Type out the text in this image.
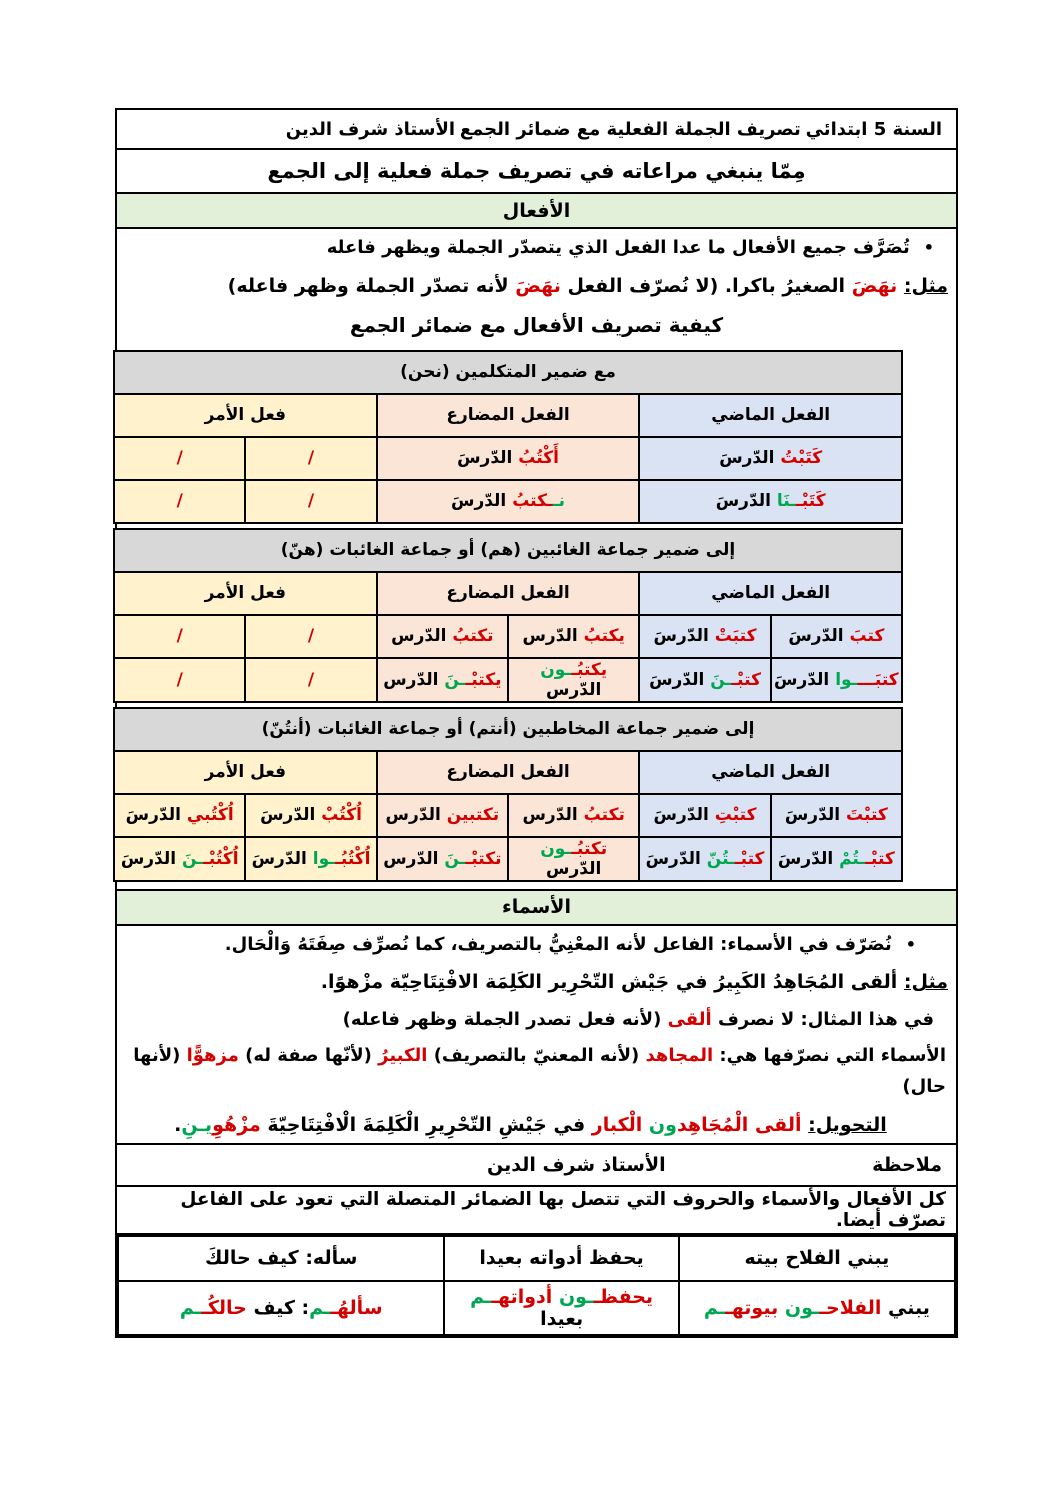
السنة 5 ابتدائي
تصريف الجملة الفعلية مع ضمائر الجمع
الأستاذ شرف الدين
مِمّا ينبغي مراعاته في تصريف جملة فعلية إلى الجمع
الأفعال
•تُصَرَّف جميع الأفعال ما عدا الفعل الذي يتصدّر الجملة ويظهر فاعله
مثل: نهَضَ الصغيرُ باكرا. (لا نُصرّف الفعل نهَضَ لأنه تصدّر الجملة وظهر فاعله)
كيفية تصريف الأفعال مع ضمائر الجمع
مع ضمير المتكلمين (نحن)			
الفعل الماضي	الفعل المضارع	فعل الأمر	
كَتَبْتُ الدّرسَ	أَكْتُبُ الدّرسَ	/	/
كَتَبْــنَا الدّرسَ	نــكتبُ الدّرسَ	/	/
إلى ضمير جماعة الغائبين (هم) أو جماعة الغائبات (هنّ)					
الفعل الماضي		الفعل المضارع		فعل الأمر	
كتبَ الدّرسَ	كتبَتْ الدّرسَ	يكتبُ الدّرس	تكتبُ الدّرس	/	/
كتبَــــوا الدّرسَ	كتبْــنَ الدّرسَ	يكتبُــون الدّرس	يكتبْــنَ الدّرس	/	/
إلى ضمير جماعة المخاطبين (أنتم) أو جماعة الغائبات (أنتُنّ)					
الفعل الماضي		الفعل المضارع		فعل الأمر	
كتبْتَ الدّرسَ	كتبْتِ الدّرسَ	تكتبُ الدّرس	تكتبين الدّرس	اُكْتُبْ الدّرسَ	اُكْتُبي الدّرسَ
كتبْــتُمْ الدّرسَ	كتبْــتُنّ الدّرسَ	تكتبُــون الدّرس	تكتبْــنَ الدّرس	اُكْتُبُــوا الدّرسَ	اُكْتُبْــنَ الدّرسَ
الأسماء
•نُصَرّف في الأسماء: الفاعل لأنه المعْنِيُّ بالتصريف، كما نُصرِّف صِفَتَهُ وَالْحَال.
مثل: ألقى المُجَاهِدُ الكَبِيرُ في جَيْش التّحْرِير الكَلِمَة الافْتِتَاحِيّة مزْهوًا.
في هذا المثال: لا نصرف ألقى (لأنه فعل تصدر الجملة وظهر فاعله)
الأسماء التي نصرّفها هي: المجاهد (لأنه المعنيّ بالتصريف) الكبيرُ (لأنّها صفة له) مزهوًّا (لأنها حال)
التحويل: ألقى الْمُجَاهِدون الْكبار في جَيْشِ التّحْرِيرِ الْكَلِمَةَ الْافْتِتَاحِيّةَ مزْهُوِيـنِ.
ملاحظة
الأستاذ شرف الدين
كل الأفعال والأسماء والحروف التي تتصل بها الضمائر المتصلة التي تعود على الفاعل تصرّف أيضا.
يبني الفلاح بيته	يحفظ أدواته بعيدا	سأله: كيف حالكَ
يبني الفلاحــون بيوتهــم	يحفظــون أدواتهــم بعيدا	سألهُــم: كيف حالكُــم
